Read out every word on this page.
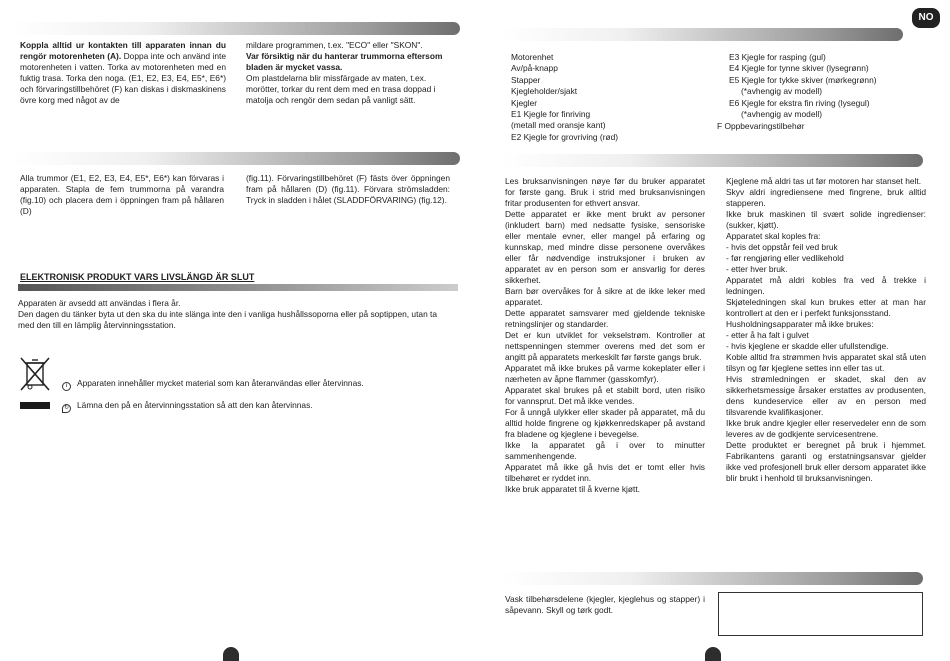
Koppla alltid ur kontakten till apparaten innan du rengör motorenheten (A). Doppa inte och använd inte motorenheten i vatten. Torka av motorenheten med en fuktig trasa. Torka den noga. (E1, E2, E3, E4, E5*, E6*) och förvaringstillbehöret (F) kan diskas i diskmaskinens övre korg med något av de
mildare programmen, t.ex. "ECO" eller "SKON".
Var försiktig när du hanterar trummorna eftersom bladen är mycket vassa.
Om plastdelarna blir missfärgade av maten, t.ex. morötter, torkar du rent dem med en trasa doppad i matolja och rengör dem sedan på vanligt sätt.
Alla trummor (E1, E2, E3, E4, E5*, E6*) kan förvaras i apparaten. Stapla de fem trummorna på varandra (fig.10) och placera dem i öppningen fram på hållaren (D)
(fig.11). Förvaringstillbehöret (F) fästs över öppningen fram på hållaren (D) (fig.11). Förvara strömsladden: Tryck in sladden i hålet (SLADDFÖRVARING) (fig.12).
ELEKTRONISK PRODUKT VARS LIVSLÄNGD ÄR SLUT
Apparaten är avsedd att användas i flera år.
Den dagen du tänker byta ut den ska du inte slänga inte den i vanliga hushållssoporna eller på soptippen, utan ta med den till en lämplig återvinningsstation.
i Apparaten innehåller mycket material som kan återanvändas eller återvinnas.
↻ Lämna den på en återvinningsstation så att den kan återvinnas.
NO
Motorenhet
Av/på-knapp
Stapper
Kjegleholder/sjakt
Kjegler
E1 Kjegle for finriving
(metall med oransje kant)
E2 Kjegle for grovriving (rød)
E3 Kjegle for rasping (gul)
E4 Kjegle for tynne skiver (lysegrønn)
E5 Kjegle for tykke skiver (mørkegrønn)
(*avhengig av modell)
E6 Kjegle for ekstra fin riving (lysegul)
(*avhengig av modell)
F Oppbevaringstilbehør
Les bruksanvisningen nøye før du bruker apparatet for første gang. Bruk i strid med bruksanvisningen fritar produsenten for ethvert ansvar.
Dette apparatet er ikke ment brukt av personer (inkludert barn) med nedsatte fysiske, sensoriske eller mentale evner, eller mangel på erfaring og kunnskap, med mindre disse personene overvåkes eller får nødvendige instruksjoner i bruken av apparatet av en person som er ansvarlig for deres sikkerhet.
Barn bør overvåkes for å sikre at de ikke leker med apparatet.
Dette apparatet samsvarer med gjeldende tekniske retningslinjer og standarder.
Det er kun utviklet for vekselstrøm. Kontroller at nettspenningen stemmer overens med det som er angitt på apparatets merkeskilt før første gangs bruk.
Apparatet må ikke brukes på varme kokeplater eller i nærheten av åpne flammer (gasskomfyr).
Apparatet skal brukes på et stabilt bord, uten risiko for vannsprut. Det må ikke vendes.
For å unngå ulykker eller skader på apparatet, må du alltid holde fingrene og kjøkkenredskaper på avstand fra bladene og kjeglene i bevegelse.
Ikke la apparatet gå i over to minutter sammenhengende.
Apparatet må ikke gå hvis det er tomt eller hvis tilbehøret er ryddet inn.
Ikke bruk apparatet til å kverne kjøtt.
Kjeglene må aldri tas ut før motoren har stanset helt.
Skyv aldri ingrediensene med fingrene, bruk alltid stapperen.
Ikke bruk maskinen til svært solide ingredienser: (sukker, kjøtt).
Apparatet skal koples fra:
- hvis det oppstår feil ved bruk
- før rengjøring eller vedlikehold
- etter hver bruk.
Apparatet må aldri kobles fra ved å trekke i ledningen.
Skjøteledningen skal kun brukes etter at man har kontrollert at den er i perfekt funksjonsstand.
Husholdningsapparater må ikke brukes:
- etter å ha falt i gulvet
- hvis kjeglene er skadde eller ufullstendige.
Koble alltid fra strømmen hvis apparatet skal stå uten tilsyn og før kjeglene settes inn eller tas ut.
Hvis strømledningen er skadet, skal den av sikkerhetsmessige årsaker erstattes av produsenten, dens kundeservice eller av en person med tilsvarende kvalifikasjoner.
Ikke bruk andre kjegler eller reservedeler enn de som leveres av de godkjente servicesentrene.
Dette produktet er beregnet på bruk i hjemmet. Fabrikantens garanti og erstatningsansvar gjelder ikke ved profesjonell bruk eller dersom apparatet ikke blir brukt i henhold til bruksanvisningen.
Vask tilbehørsdelene (kjegler, kjeglehus og stapper) i såpevann. Skyll og tørk godt.
